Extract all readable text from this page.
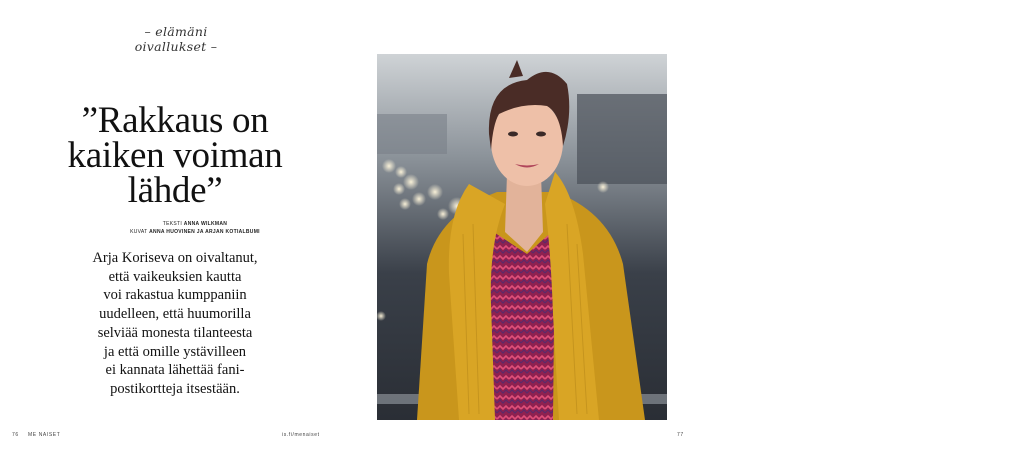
– elämäni oivallukset –
”Rakkaus on
kaiken voiman
lähde”
TEKSTI ANNA WILKMAN
KUVAT ANNA HUOVINEN JA ARJAN KOTIALBUMI
Arja Koriseva on oivaltanut,
että vaikeuksien kautta
voi rakastua kumppaniin
uudelleen, että huumorilla
selviää monesta tilanteesta
ja että omille ystävilleen
ei kannata lähettää fani-
postikortteja itsestään.
Arja Koriseva
sanoo, että
ystävien
kanssa
ollaan
helposti
tosissaan.
76 ME NAISET	is.fi/menaiset	77
